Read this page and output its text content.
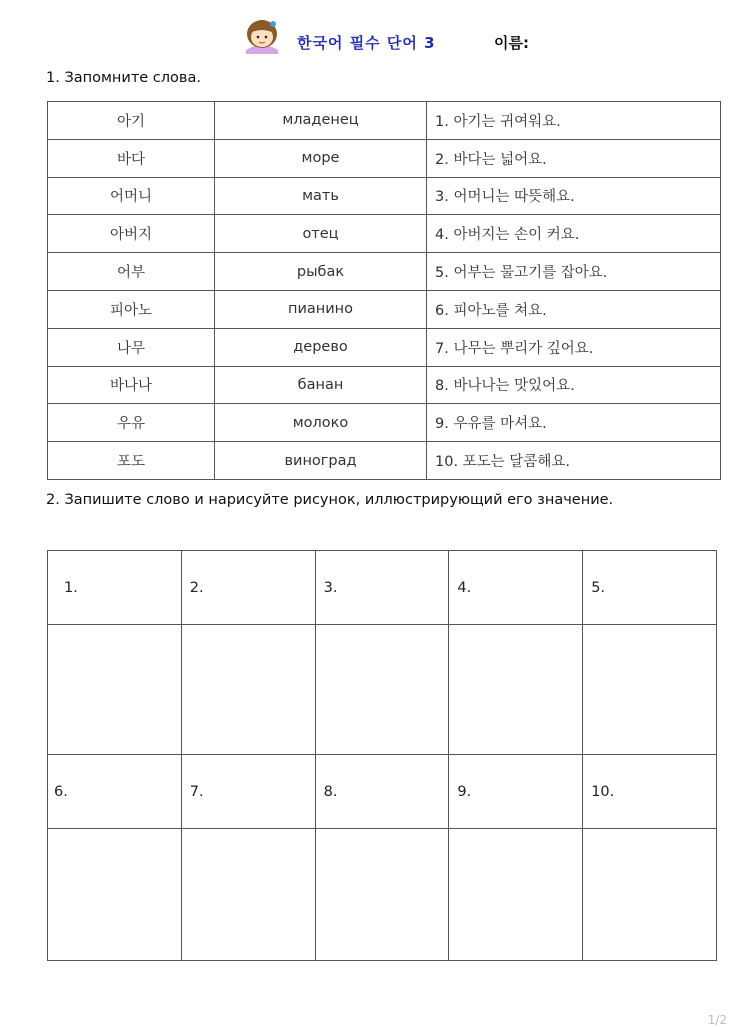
한국어 필수 단어 3	이름:
1. Запомните слова.
아기	младенец	1. 아기는 귀여워요.
바다	море	2. 바다는 넓어요.
어머니	мать	3. 어머니는 따뜻해요.
아버지	отец	4. 아버지는 손이 커요.
어부	рыбак	5. 어부는 물고기를 잡아요.
피아노	пианино	6. 피아노를 쳐요.
나무	дерево	7. 나무는 뿌리가 깊어요.
바나나	банан	8. 바나나는 맛있어요.
우유	молоко	9. 우유를 마셔요.
포도	виноград	10. 포도는 달콤해요.
2. Запишите слово и нарисуйте рисунок, иллюстрирующий его значение.
1.	2.	3.	4.	5.

6.	7.	8.	9.	10.

1/2
